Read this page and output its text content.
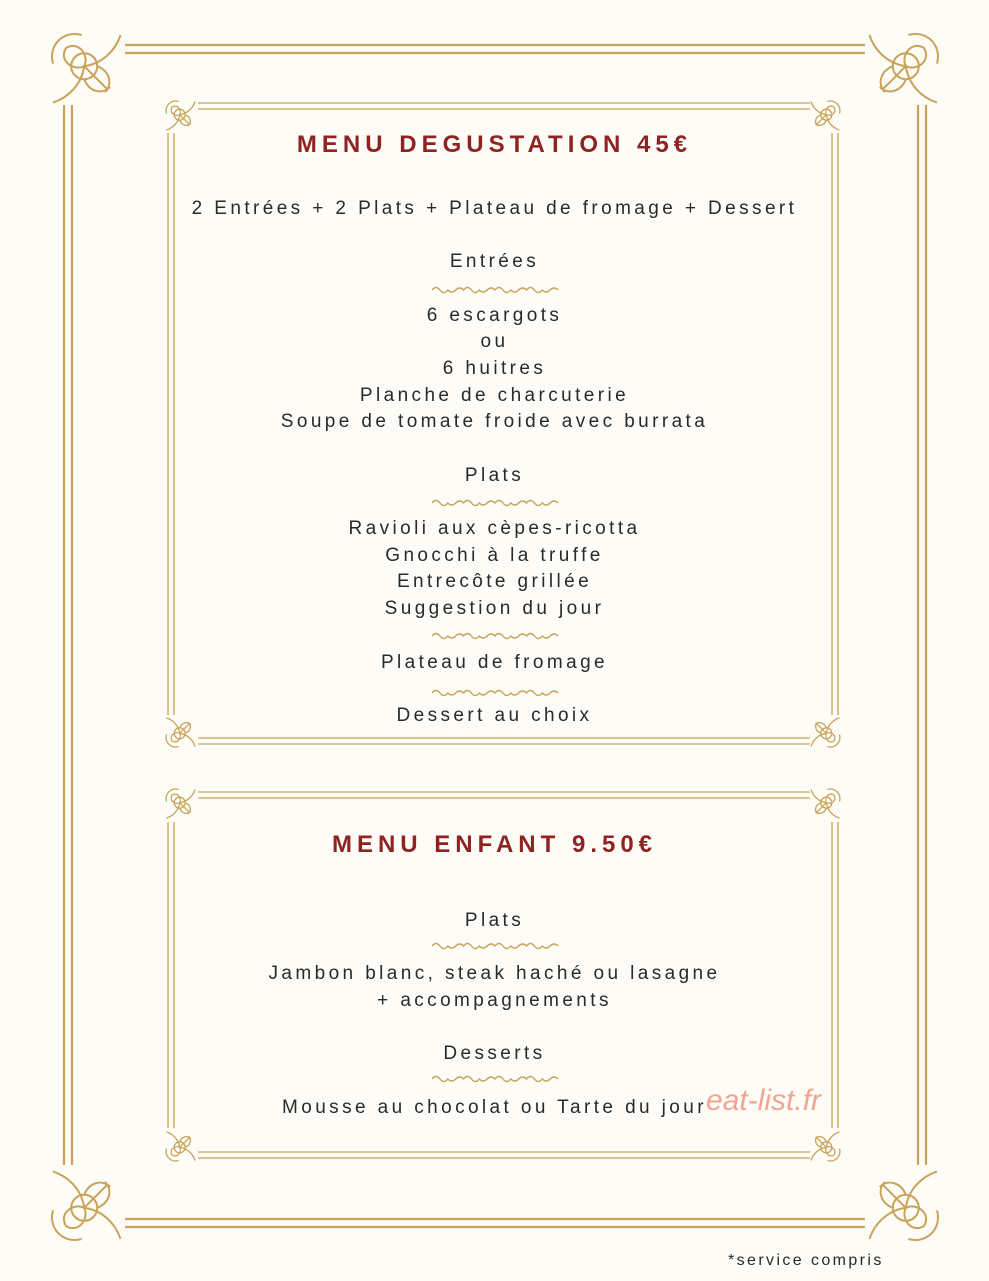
MENU DEGUSTATION 45€
2 Entrées + 2 Plats + Plateau de fromage + Dessert
Entrées
6 escargots
ou
6 huitres
Planche de charcuterie
Soupe de tomate froide avec burrata
Plats
Ravioli aux cèpes-ricotta
Gnocchi à la truffe
Entrecôte grillée
Suggestion du jour
Plateau de fromage
Dessert au choix
MENU ENFANT 9.50€
Plats
Jambon blanc, steak haché ou lasagne
+ accompagnements
Desserts
Mousse au chocolat ou Tarte du jour eat-list.fr
*service compris
